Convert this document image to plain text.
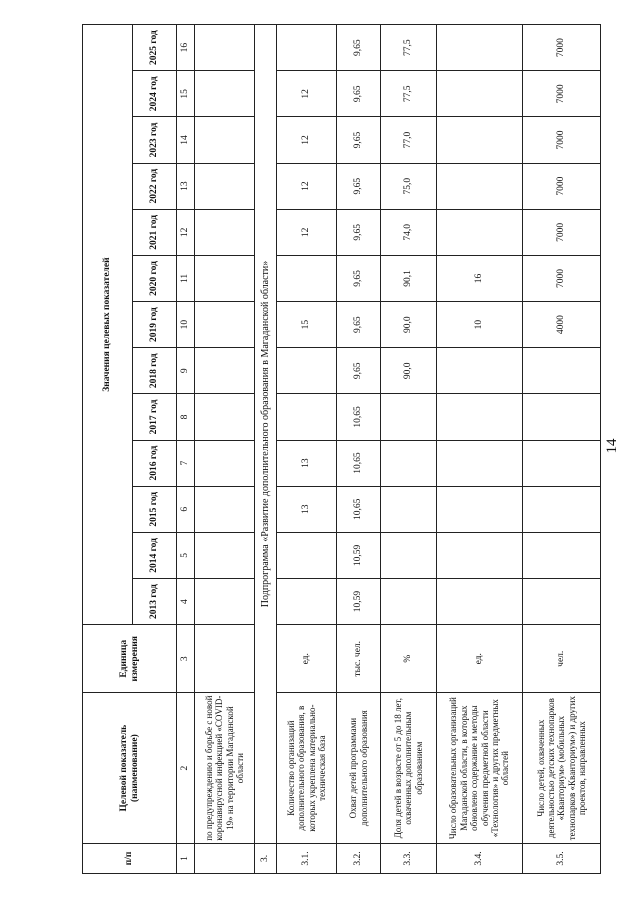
14
п/п	Целевой показатель (наименование)	Единица измерения	Значения целевых показателей												
			2013 год	2014 год	2015 год	2016 год	2017 год	2018 год	2019 год	2020 год	2021 год	2022 год	2023 год	2024 год	2025 год
1	2	3	4	5	6	7	8	9	10	11	12	13	14	15	16
	по предупреждению и борьбе с новой коронавирусной инфекцией «COVID-19» на территории Магаданской области														
3.	Подпрограмма «Развитие дополнительного образования в Магаданской области»														
3.1.	Количество организаций дополнительного образования, в которых укреплена материально-техническая база	ед.			13	13			15		12	12	12	12	
3.2.	Охват детей программами дополнительного образования	тыс. чел.	10,59	10,59	10,65	10,65	10,65	9,65	9,65	9,65	9,65	9,65	9,65	9,65	9,65
3.3.	Доля детей в возрасте от 5 до 18 лет, охваченных дополнительным образованием	%						90,0	90,0	90,1	74,0	75,0	77,0	77,5	77,5
3.4.	Число образовательных организаций Магаданской области, в которых обновлено содержание и методы обучения предметной области «Технология» и других предметных областей	ед.							10	16					
3.5.	Число детей, охваченных деятельностью детских технопарков «Кванториум» (мобильных технопарков «Кванториум») и других проектов, направленных	чел.							4000	7000	7000	7000	7000	7000	7000
